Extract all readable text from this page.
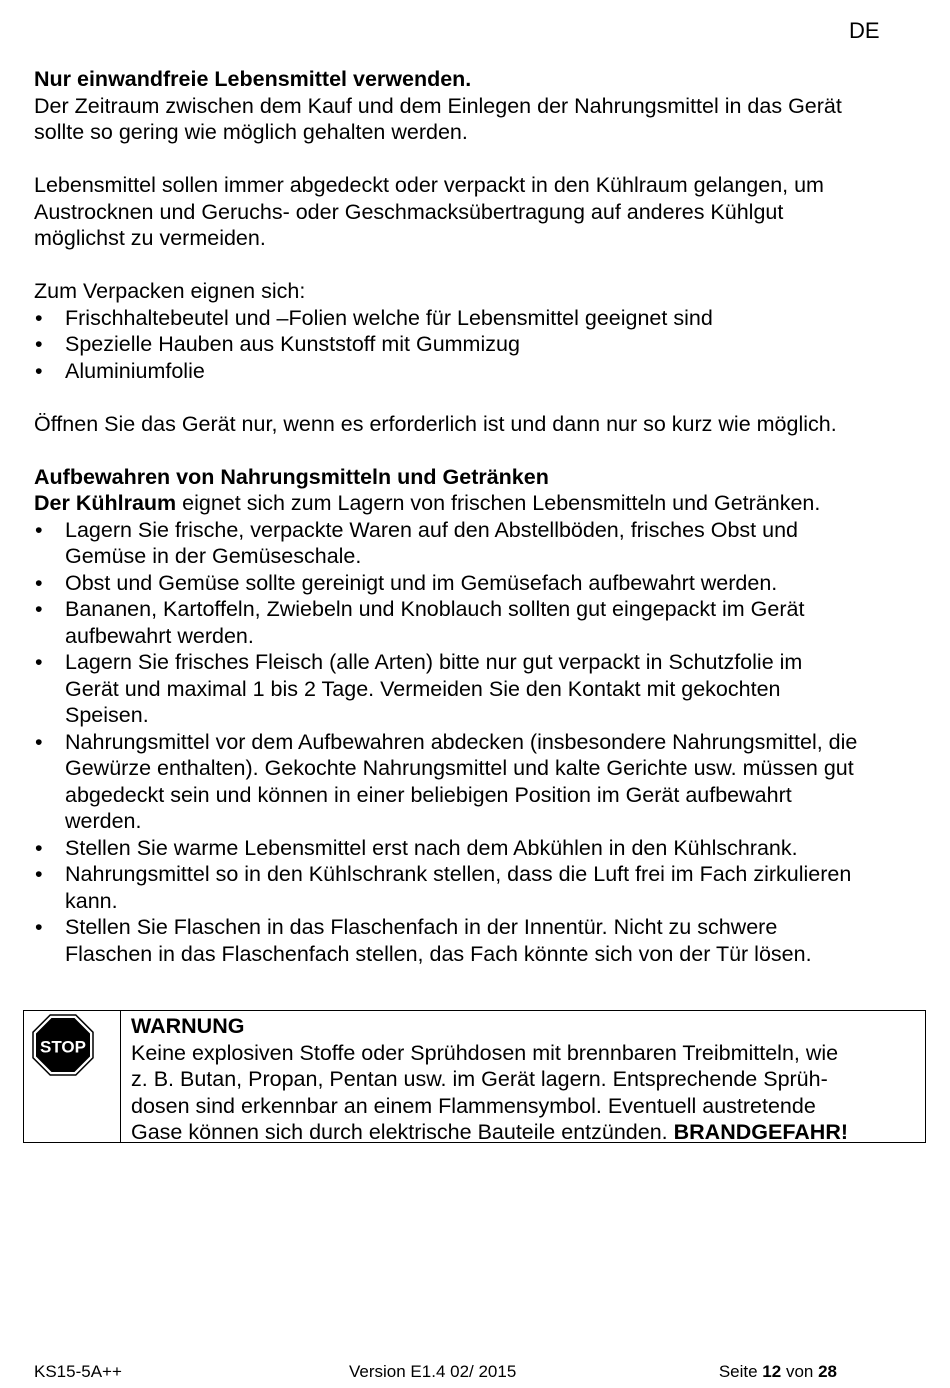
DE

Nur einwandfreie Lebensmittel verwenden.

Der Zeitraum zwischen dem Kauf und dem Einlegen der Nahrungsmittel in das Gerät

sollte so gering wie möglich gehalten werden.

Lebensmittel sollen immer abgedeckt oder verpackt in den Kühlraum gelangen, um

Austrocknen und Geruchs- oder Geschmacksübertragung auf anderes Kühlgut

möglichst zu vermeiden.

Zum Verpacken eignen sich:

• Frischhaltebeutel und –Folien welche für Lebensmittel geeignet sind
• Spezielle Hauben aus Kunststoff mit Gummizug
• Aluminiumfolie

Öffnen Sie das Gerät nur, wenn es erforderlich ist und dann nur so kurz wie möglich.

Aufbewahren von Nahrungsmitteln und Getränken

Der Kühlraum eignet sich zum Lagern von frischen Lebensmitteln und Getränken.

• Lagern Sie frische, verpackte Waren auf den Abstellböden, frisches Obst und
Gemüse in der Gemüseschale.
• Obst und Gemüse sollte gereinigt und im Gemüsefach aufbewahrt werden.
• Bananen, Kartoffeln, Zwiebeln und Knoblauch sollten gut eingepackt im Gerät
aufbewahrt werden.
• Lagern Sie frisches Fleisch (alle Arten) bitte nur gut verpackt in Schutzfolie im
Gerät und maximal 1 bis 2 Tage. Vermeiden Sie den Kontakt mit gekochten
Speisen.
• Nahrungsmittel vor dem Aufbewahren abdecken (insbesondere Nahrungsmittel, die
Gewürze enthalten). Gekochte Nahrungsmittel und kalte Gerichte usw. müssen gut
abgedeckt sein und können in einer beliebigen Position im Gerät aufbewahrt
werden.
• Stellen Sie warme Lebensmittel erst nach dem Abkühlen in den Kühlschrank.
• Nahrungsmittel so in den Kühlschrank stellen, dass die Luft frei im Fach zirkulieren
kann.
• Stellen Sie Flaschen in das Flaschenfach in der Innentür. Nicht zu schwere
Flaschen in das Flaschenfach stellen, das Fach könnte sich von der Tür lösen.
STOP

WARNUNG

Keine explosiven Stoffe oder Sprühdosen mit brennbaren Treibmitteln, wie

z. B. Butan, Propan, Pentan usw. im Gerät lagern. Entsprechende Sprüh-

dosen sind erkennbar an einem Flammensymbol. Eventuell austretende

Gase können sich durch elektrische Bauteile entzünden. BRANDGEFAHR!

KS15-5A++	Version E1.4 02/ 2015	Seite 12 von 28
